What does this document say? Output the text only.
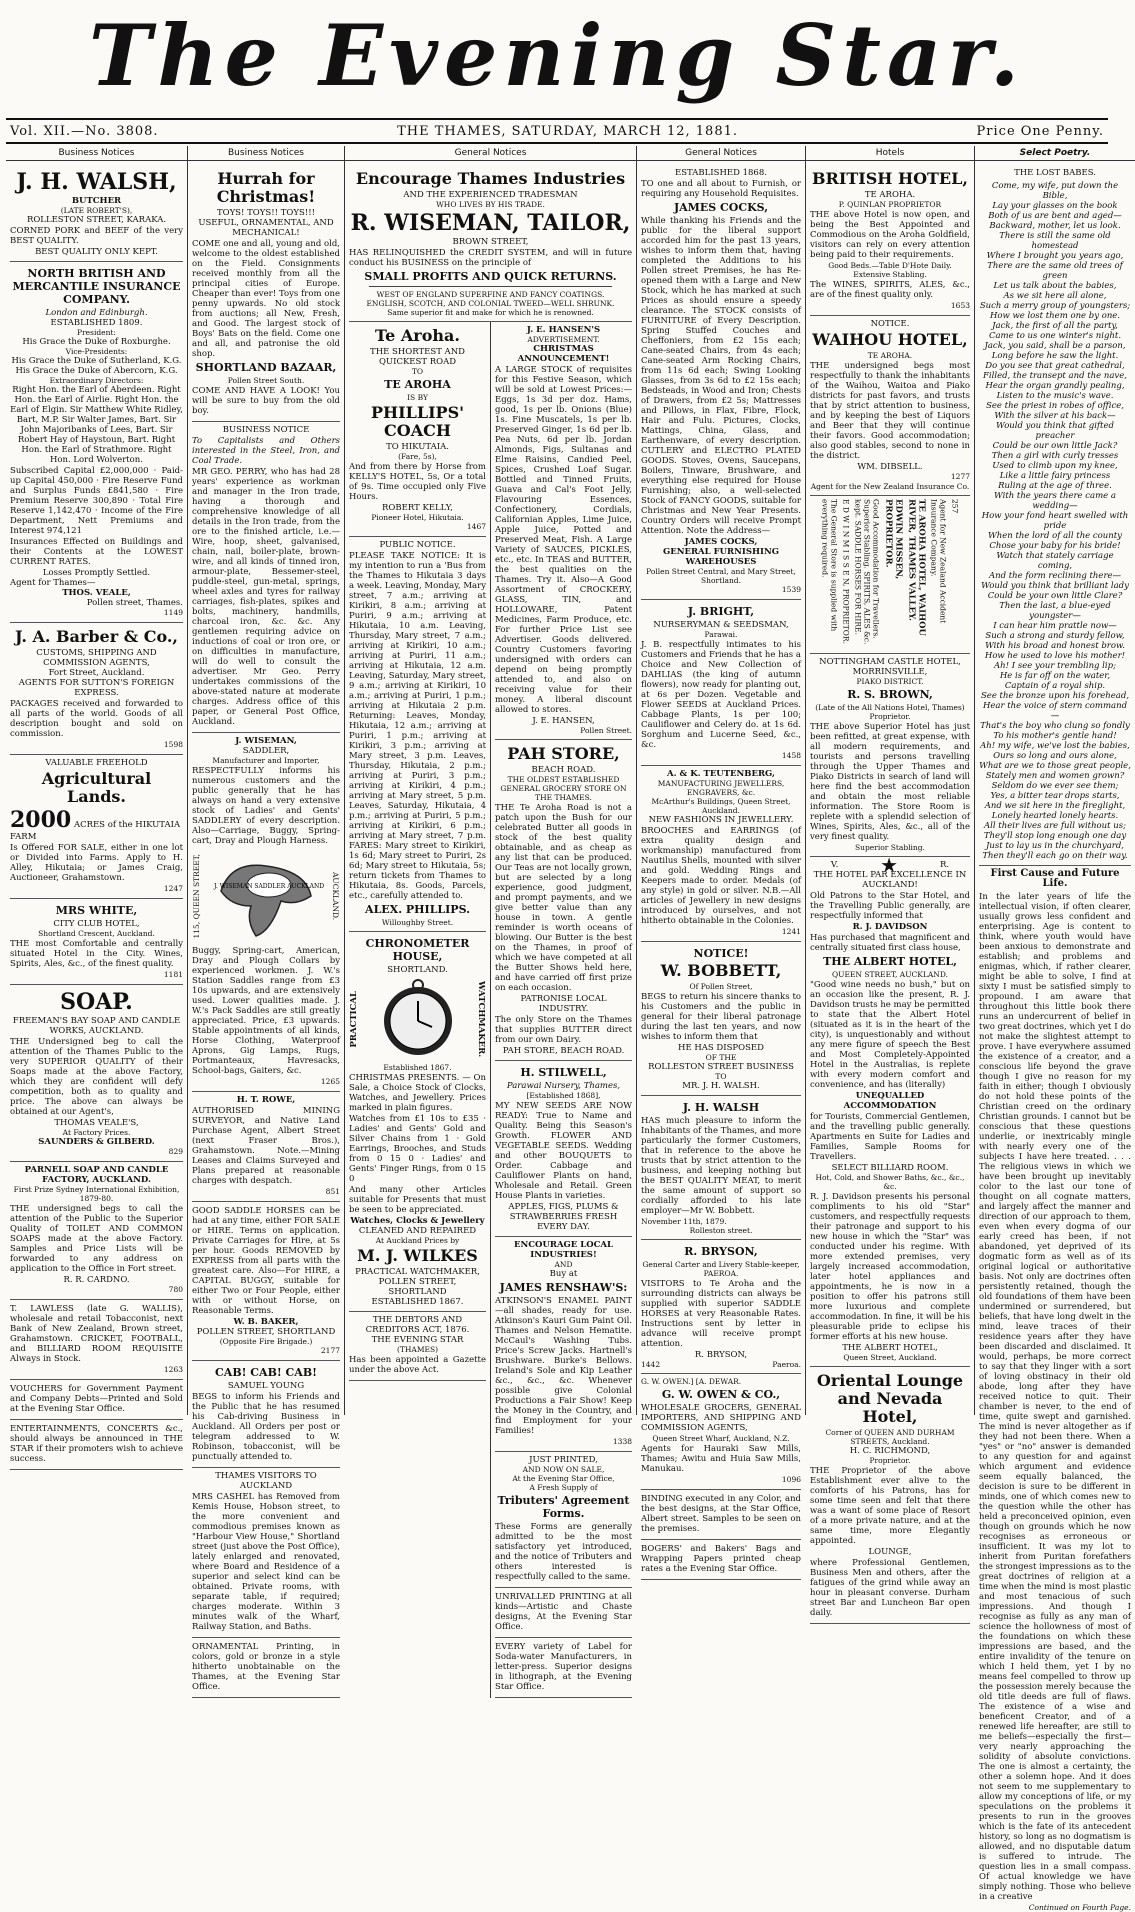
The Evening Star.
Vol. XII.—No. 3808.	THE THAMES, SATURDAY, MARCH 12, 1881.	Price One Penny.
Business Notices
J. H. WALSH,
BUTCHER
(LATE ROBERT'S),
ROLLESTON STREET, KARAKA.

CORNED PORK and BEEF of the very BEST QUALITY.

BEST QUALITY ONLY KEPT.
NORTH BRITISH AND MERCANTILE INSURANCE COMPANY.
London and Edinburgh.
ESTABLISHED 1809.
President:
His Grace the Duke of Roxburghe.
Vice-Presidents:
His Grace the Duke of Sutherland, K.G. His Grace the Duke of Abercorn, K.G.
Extraordinary Directors:
Right Hon. the Earl of Aberdeen. Right Hon. the Earl of Airlie. Right Hon. the Earl of Elgin. Sir Matthew White Ridley, Bart, M.P. Sir Walter James, Bart. Sir John Majoribanks of Lees, Bart. Sir Robert Hay of Haystoun, Bart. Right Hon. the Earl of Strathmore. Right Hon. Lord Wolverton.

Subscribed Capital £2,000,000 · Paid-up Capital 450,000 · Fire Reserve Fund and Surplus Funds £841,580 · Fire Premium Reserve 300,890 · Total Fire Reserve 1,142,470 · Income of the Fire Department, Nett Premiums and Interest 974,121

Insurances Effected on Buildings and their Contents at the LOWEST CURRENT RATES.

Losses Promptly Settled.
Agent for Thames—
THOS. VEALE,
Pollen street, Thames.
1149
J. A. Barber & Co.,
CUSTOMS, SHIPPING AND COMMISSION AGENTS,
Fort Street, Auckland.
AGENTS FOR SUTTON'S FOREIGN EXPRESS.

PACKAGES received and forwarded to all parts of the world. Goods of all description bought and sold on commission.

1598
VALUABLE FREEHOLD
Agricultural Lands.
2000 ACRES of the HIKUTAIA FARM

Is Offered FOR SALE, either in one lot or Divided into Farms. Apply to H. Alley, Hikutaia; or James Craig, Auctioneer, Grahamstown.

1247
MRS WHITE,
CITY CLUB HOTEL,
Shortland Crescent, Auckland.

THE most Comfortable and centrally situated Hotel in the City. Wines, Spirits, Ales, &c., of the finest quality.

1181
SOAP.
FREEMAN'S BAY SOAP AND CANDLE WORKS, AUCKLAND.

THE Undersigned beg to call the attention of the Thames Public to the very SUPERIOR QUALITY of their Soaps made at the above Factory, which they are confident will defy competition, both as to quality and price. The above can always be obtained at our Agent's,

THOMAS VEALE'S,
At Factory Prices.
SAUNDERS & GILBERD.
829
PARNELL SOAP AND CANDLE FACTORY, AUCKLAND.
First Prize Sydney International Exhibition, 1879-80.

THE undersigned begs to call the attention of the Public to the Superior Quality of TOILET AND COMMON SOAPS made at the above Factory. Samples and Price Lists will be forwarded to any address on application to the Office in Fort street.

R. R. CARDNO.
780

T. LAWLESS (late G. WALLIS), wholesale and retail Tobacconist, next Bank of New Zealand, Brown street, Grahamstown. CRICKET, FOOTBALL, and BILLIARD ROOM REQUISITE Always in Stock.

1263

VOUCHERS for Government Payment and Company Debts—Printed and Sold at the Evening Star Office.

ENTERTAINMENTS, CONCERTS &c., should always be announced in THE STAR if their promoters wish to achieve success.

Business Notices
Hurrah for Christmas!
TOYS! TOYS!! TOYS!!!
USEFUL, ORNAMENTAL, AND MECHANICAL!

COME one and all, young and old, welcome to the oldest established on the Field. Consignments received monthly from all the principal cities of Europe. Cheaper than ever! Toys from one penny upwards. No old stock from auctions; all New, Fresh, and Good. The largest stock of Boys' Bats on the field. Come one and all, and patronise the old shop.

SHORTLAND BAZAAR,
Pollen Street South.

COME AND HAVE A LOOK! You will be sure to buy from the old boy.

BUSINESS NOTICE

To Capitalists and Others interested in the Steel, Iron, and Coal Trade.

MR GEO. PERRY, who has had 28 years' experience as workman and manager in the Iron trade, having a thorough and comprehensive knowledge of all details in the Iron trade, from the ore to the finished article, i.e.—Wire, hoop, sheet, galvanised, chain, nail, boiler-plate, brown-wire, and all kinds of tinned iron, armour-plate, Bessemer-steel, puddle-steel, gun-metal, springs, wheel axles and tyres for railway carriages, fish-plates, spikes and bolts, machinery, handmills, charcoal iron, &c. &c. Any gentlemen requiring advice on inductions of coal or iron ore, or on difficulties in manufacture, will do well to consult the advertiser. Mr Geo. Perry undertakes commissions of the above-stated nature at moderate charges. Address office of this paper, or General Post Office, Auckland.

J. WISEMAN,
SADDLER,
Manufacturer and Importer,

RESPECTFULLY informs his numerous customers and the public generally that he has always on hand a very extensive stock of Ladies' and Gents' SADDLERY of every description. Also—Carriage, Buggy, Spring-cart, Dray and Plough Harness.

115, QUEEN STREET, J. WISEMAN SADDLER AUCKLAND AUCKLAND.

Buggy, Spring-cart, American, Dray and Plough Collars by experienced workmen. J. W.'s Station Saddles range from £3 10s upwards, and are extensively used. Lower qualities made. J. W.'s Pack Saddles are still greatly appreciated. Price, £3 upwards. Stable appointments of all kinds, Horse Clothing, Waterproof Aprons, Gig Lamps, Rugs, Portmanteaux, Havresacks, School-bags, Gaiters, &c.

1265
H. T. ROWE,

AUTHORISED MINING SURVEYOR, and Native Land Purchase Agent, Albert Street (next Fraser Bros.), Grahamstown. Note.—Mining Leases and Claims Surveyed and Plans prepared at reasonable charges with despatch.

851

GOOD SADDLE HORSES can be had at any time, either FOR SALE or HIRE. Terms on application. Private Carriages for Hire, at 5s per hour. Goods REMOVED by EXPRESS from all parts with the greatest care. Also—For HIRE, a CAPITAL BUGGY, suitable for either Two or Four People, either with or without Horse, on Reasonable Terms.

W. B. BAKER,
POLLEN STREET, SHORTLAND
(Opposite Fire Brigade.)
2177
CAB! CAB! CAB!
SAMUEL YOUNG

BEGS to inform his Friends and the Public that he has resumed his Cab-driving Business in Auckland. All Orders per post or telegram addressed to W. Robinson, tobacconist, will be punctually attended to.

THAMES VISITORS TO AUCKLAND

MRS CASHEL has Removed from Kemis House, Hobson street, to the more convenient and commodious premises known as "Harbour View House," Shortland street (just above the Post Office), lately enlarged and renovated, where Board and Residence of a superior and select kind can be obtained. Private rooms, with separate table, if required; charges moderate. Within 3 minutes walk of the Wharf, Railway Station, and Baths.

ORNAMENTAL Printing, in colors, gold or bronze in a style hitherto unobtainable on the Thames, at the Evening Star Office.

General Notices
Encourage Thames Industries
AND THE EXPERIENCED TRADESMAN
WHO LIVES BY HIS TRADE.
R. WISEMAN, TAILOR,
BROWN STREET,

HAS RELINQUISHED the CREDIT SYSTEM, and will in future conduct his BUSINESS on the principle of

SMALL PROFITS AND QUICK RETURNS.
WEST OF ENGLAND SUPERFINE AND FANCY COATINGS.
ENGLISH, SCOTCH, AND COLONIAL TWEED—WELL SHRUNK.
Same superior fit and make for which he is renowned.
Te Aroha.
THE SHORTEST AND
QUICKEST ROAD
TO
TE AROHA
IS BY
PHILLIPS' COACH
TO HIKUTAIA.
(Fare, 5s),

And from there by Horse from KELLY'S HOTEL, 5s, Or a total of 9s. Time occupied only Five Hours.

ROBERT KELLY,
Pioneer Hotel, Hikutaia.
1467
PUBLIC NOTICE.

PLEASE TAKE NOTICE: It is my intention to run a 'Bus from the Thames to Hikutaia 3 days a week. Leaving, Monday, Mary street, 7 a.m.; arriving at Kirikiri, 8 a.m.; arriving at Puriri, 9 a.m.; arriving at Hikutaia, 10 a.m. Leaving, Thursday, Mary street, 7 a.m.; arriving at Kirikiri, 10 a.m.; arriving at Puriri, 11 a.m.; arriving at Hikutaia, 12 a.m. Leaving, Saturday, Mary street, 9 a.m.; arriving at Kirikiri, 10 a.m.; arriving at Puriri, 1 p.m.; arriving at Hikutaia 2 p.m. Returning: Leaves, Monday, Hikutaia, 12 a.m.; arriving at Puriri, 1 p.m.; arriving at Kirikiri, 3 p.m.; arriving at Mary street, 3 p.m. Leaves, Thursday, Hikutaia, 2 p.m.; arriving at Puriri, 3 p.m.; arriving at Kirikiri, 4 p.m.; arriving at Mary street, 5 p.m. Leaves, Saturday, Hikutaia, 4 p.m.; arriving at Puriri, 5 p.m.; arriving at Kirikiri, 6 p.m.; arriving at Mary street, 7 p.m. FARES: Mary street to Kirikiri, 1s 6d; Mary street to Puriri, 2s 6d; Mary street to Hikutaia, 5s; return tickets from Thames to Hikutaia, 8s. Goods, Parcels, etc., carefully attended to.

ALEX. PHILLIPS.
Willoughby Street.
CHRONOMETER HOUSE,
SHORTLAND.
PRACTICAL	WATCHMAKER.
Established 1867.

CHRISTMAS PRESENTS. — On Sale, a Choice Stock of Clocks, Watches, and Jewellery. Prices marked in plain figures.

Watches from £1 10s to £35 · Ladies' and Gents' Gold and Silver Chains from 1 · Gold Earrings, Brooches, and Studs from 0 15 0 · Ladies' and Gents' Finger Rings, from 0 15 0

And many other Articles suitable for Presents that must be seen to be appreciated.

Watches, Clocks & Jewellery
CLEANED AND REPAIRED
At Auckland Prices by
M. J. WILKES
PRACTICAL WATCHMAKER,
POLLEN STREET, SHORTLAND
ESTABLISHED 1867.
THE DEBTORS AND CREDITORS ACT, 1876.
THE EVENING STAR
(THAMES)

Has been appointed a Gazette under the above Act.

J. E. HANSEN'S
ADVERTISEMENT.
CHRISTMAS ANNOUNCEMENT!

A LARGE STOCK of requisites for this Festive Season, which will be sold at Lowest Prices:— Eggs, 1s 3d per doz. Hams, good, 1s per lb. Onions (Blue) 1s. Fine Muscatels, 1s per lb. Preserved Ginger, 1s 6d per lb. Pea Nuts, 6d per lb. Jordan Almonds, Figs, Sultanas and Elme Raisins, Candied Peel, Spices, Crushed Loaf Sugar. Bottled and Tinned Fruits, Guava and Cal's Foot Jelly, Flavouring Essences, Confectionery, Cordials, Californian Apples, Lime Juice, Apple Juice, Potted and Preserved Meat, Fish. A Large Variety of SAUCES, PICKLES, etc., etc. In TEAS and BUTTER, the best qualities on the Thames. Try it. Also—A Good Assortment of CROCKERY, GLASS, TIN, and HOLLOWARE, Patent Medicines, Farm Produce, etc. For further Price List see Advertiser. Goods delivered. Country Customers favoring undersigned with orders can depend on being promptly attended to, and also on receiving value for their money. A liberal discount allowed to stores.

J. E. HANSEN,
Pollen Street.
PAH STORE,
BEACH ROAD.
THE OLDEST ESTABLISHED GENERAL GROCERY STORE ON THE THAMES.

THE Te Aroha Road is not a patch upon the Bush for our celebrated Butter all goods in stock of the best quality obtainable, and as cheap as any list that can be produced. Our Teas are not locally grown, but are selected by a long experience, good judgment, and prompt payments, and we give better value than any house in town. A gentle reminder is worth oceans of blowing. Our Butter is the best on the Thames, in proof of which we have competed at all the Butter Shows held here, and have carried off first prize on each occasion.

PATRONISE LOCAL INDUSTRY.

The only Store on the Thames that supplies BUTTER direct from our own Dairy.

PAH STORE, BEACH ROAD.
H. STILWELL,
Parawai Nursery, Thames,
[Established 1868],

MY NEW SEEDS ARE NOW READY: True to Name and Quality. Being this Season's Growth. FLOWER AND VEGETABLE SEEDS. Wedding and other BOUQUETS to Order. Cabbage and Cauliflower Plants on hand, Wholesale and Retail. Green House Plants in varieties.

APPLES, FIGS, PLUMS & STRAWBERRIES FRESH EVERY DAY.
ENCOURAGE LOCAL INDUSTRIES!
AND
Buy at
JAMES RENSHAW'S:

ATKINSON'S ENAMEL PAINT—all shades, ready for use. Atkinson's Kauri Gum Paint Oil. Thames and Nelson Hematite. McCaul's Washing Tubs. Price's Screw Jacks. Hartnell's Brushware. Burke's Bellows. Ireland's Sole and Kip Leather &c., &c., &c. Whenever possible give Colonial Productions a Fair Show! Keep the Money in the Country, and find Employment for your Families!

1338
JUST PRINTED,
AND NOW ON SALE,
At the Evening Star Office,
A Fresh Supply of
Tributers' Agreement Forms.

These Forms are generally admitted to be the most satisfactory yet introduced, and the notice of Tributers and others interested is respectfully called to the same.

UNRIVALLED PRINTING at all kinds—Artistic and Chaste designs, At the Evening Star Office.

EVERY variety of Label for Soda-water Manufacturers, in letter-press. Superior designs in lithograph, at the Evening Star Office.

General Notices
ESTABLISHED 1868.

TO one and all about to Furnish, or requiring any Household Requisites.

JAMES COCKS,

While thanking his Friends and the public for the liberal support accorded him for the past 13 years, wishes to inform them that, having completed the Additions to his Pollen street Premises, he has Re-opened them with a Large and New Stock, which he has marked at such Prices as should ensure a speedy clearance. The STOCK consists of FURNITURE of Every Description. Spring Stuffed Couches and Cheffoniers, from £2 15s each; Cane-seated Chairs, from 4s each; Cane-seated Arm Rocking Chairs, from 11s 6d each; Swing Looking Glasses, from 3s 6d to £2 15s each; Bedsteads, in Wood and Iron; Chests of Drawers, from £2 5s; Mattresses and Pillows, in Flax, Fibre, Flock, Hair and Fulu. Pictures, Clocks, Mattings, China, Glass, and Earthenware, of every description. CUTLERY and ELECTRO PLATED GOODS. Stoves, Ovens, Saucepans, Boilers, Tinware, Brushware, and everything else required for House Furnishing; also, a well-selected Stock of FANCY GOODS, suitable for Christmas and New Year Presents. Country Orders will receive Prompt Attention. Note the Address—

JAMES COCKS,
GENERAL FURNISHING WAREHOUSES
Pollen Street Central, and Mary Street, Shortland.
1539
J. BRIGHT,
NURSERYMAN & SEEDSMAN,
Parawai.

J. B. respectfully intimates to his Customers and Friends that he has a Choice and New Collection of DAHLIAS (the king of autumn flowers), now ready for planting out, at 6s per Dozen. Vegetable and Flower SEEDS at Auckland Prices. Cabbage Plants, 1s per 100; Cauliflower and Celery do. at 1s 6d. Sorghum and Lucerne Seed, &c., &c.

1458
A. & K. TEUTENBERG,
MANUFACTURING JEWELLERS, ENGRAVERS, &c.
McArthur's Buildings, Queen Street, Auckland.
NEW FASHIONS IN JEWELLERY.

BROOCHES and EARRINGS (of extra quality design and workmanship) manufactured from Nautilus Shells, mounted with silver and gold. Wedding Rings and Keepers made to order. Medals (of any style) in gold or silver. N.B.—All articles of Jewellery in new designs introduced by ourselves, and not hitherto obtainable in the Colonies.

1241
NOTICE!
W. BOBBETT,
Of Pollen Street,

BEGS to return his sincere thanks to his Customers and the public in general for their liberal patronage during the last ten years, and now wishes to inform them that

HE HAS DISPOSED
OF THE
ROLLESTON STREET BUSINESS
TO
MR. J. H. WALSH.
J. H. WALSH

HAS much pleasure to inform the Inhabitants of the Thames, and more particularly the former Customers, that in reference to the above he trusts that by strict attention to the business, and keeping nothing but the BEST QUALITY MEAT, to merit the same amount of support so cordially afforded to his late employer—Mr W. Bobbett.

November 11th, 1879.
Rolleston street.
R. BRYSON,
General Carter and Livery Stable-keeper, PAEROA.

VISITORS to Te Aroha and the surrounding districts can always be supplied with superior SADDLE HORSES at very Reasonable Rates. Instructions sent by letter in advance will receive prompt attention.

R. BRYSON,
1442	Paeroa.
G. W. OWEN.] [A. DEWAR.
G. W. OWEN & CO.,

WHOLESALE GROCERS, GENERAL IMPORTERS, AND SHIPPING AND COMMISSION AGENTS,

Queen Street Wharf, Auckland, N.Z.

Agents for Hauraki Saw Mills, Thames; Awitu and Huia Saw Mills, Manukau.

1096

BINDING executed in any Color, and the best designs, at the Star Office, Albert street. Samples to be seen on the premises.

BOGERS' and Bakers' Bags and Wrapping Papers printed cheap rates a the Evening Star Office.

Hotels
BRITISH HOTEL,
TE AROHA.
P. QUINLAN PROPRIETOR

THE above Hotel is now open, and being the Best Appointed and Commodious on the Aroha Goldfield, visitors can rely on every attention being paid to their requirements.

Good Beds.—Table D'Hote Daily.
Extensive Stabling.

The WINES, SPIRITS, ALES, &c., are of the finest quality only.

1653
NOTICE.
WAIHOU HOTEL,
TE AROHA.

THE undersigned begs most respectfully to thank the inhabitants of the Waihou, Waitoa and Piako districts for past favors, and trusts that by strict attention to business, and by keeping the best of Liquors and Beer that they will continue their favors. Good accommodation; also good stables, second to none in the district.

WM. DIBSELL.
1277
Agent for the New Zealand Insurance Co.
The General Store is supplied with everything required.	E D W I N M I S S E N, PROPRIETOR.	Good Accommodation for Travellers. Superior Stabling. SPIRITS, ALES &c. kept. SADDLE HORSES FOR HIRE.	EDWIN MISSEN, PROPRIETOR.	TE AROHA HOTEL, WAIHOU RIVER, THAMES VALLEY.	Agent for New Zealand Accident Insurance Company.	257
NOTTINGHAM CASTLE HOTEL,
MORRINSVILLE,
PIAKO DISTRICT.
R. S. BROWN,
(Late of the All Nations Hotel, Thames)
Proprietor.

THE above Superior Hotel has just been refitted, at great expense, with all modern requirements, and tourists and persons travelling through the Upper Thames and Piako Districts in search of land will here find the best accommodation and obtain the most reliable information. The Store Room is replete with a splendid selection of Wines, Spirits, Ales, &c., all of the very finest quality.

Superior Stabling.
V. ★	R.
THE HOTEL PAR EXCELLENCE IN AUCKLAND!

Old Patrons to the Star Hotel, and the Travelling Public generally, are respectfully informed that

R. J. DAVIDSON

Has purchased that magnificent and centrally situated first class house,

THE ALBERT HOTEL,
QUEEN STREET, AUCKLAND.

"Good wine needs no bush," but on an occasion like the present, R. J. Davidson trusts he may be permitted to state that the Albert Hotel (situated as it is in the heart of the city), is unquestionably and without any mere figure of speech the Best and Most Completely-Appointed Hotel in the Australias, is replete with every modern comfort and convenience, and has (literally)

UNEQUALLED ACCOMMODATION

for Tourists, Commercial Gentlemen, and the travelling public generally. Apartments en Suite for Ladies and Families, Sample Rooms for Travellers.

SELECT BILLIARD ROOM.
Hot, Cold, and Shower Baths, &c., &c., &c.

R. J. Davidson presents his personal compliments to his old "Star" customers, and respectfully requests their patronage and support to his new house in which the "Star" was conducted under his regime. With more extended premises, very largely increased accommodation, later hotel appliances and appointments, he is now in a position to offer his patrons still more luxurious and complete accommodation. In fine, it will be his pleasurable pride to eclipse his former efforts at his new house.

THE ALBERT HOTEL,
Queen Street, Auckland.
Oriental Lounge and Nevada Hotel,
Corner of QUEEN AND DURHAM STREETS, Auckland.
H. C. RICHMOND,
Proprietor.

THE Proprietor of the above Establishment ever alive to the comforts of his Patrons, has for some time seen and felt that there was a want of some place of Resort of a more private nature, and at the same time, more Elegantly appointed.

LOUNGE,

where Professional Gentlemen, Business Men and others, after the fatigues of the grind while away an hour in pleasant converse. Durham street Bar and Luncheon Bar open daily.

Select Poetry.
THE LOST BABES.

Come, my wife, put down the Bible,

Lay your glasses on the book

Both of us are bent and aged—

Backward, mother, let us look.

There is still the same old homestead

Where I brought you years ago,

There are the same old trees of green

Let us talk about the babies,

As we sit here all alone,

Such a merry group of youngsters;

How we lost them one by one.

Jack, the first of all the party,

Came to us one winter's night.

Jack, you said, shall be a parson,

Long before he saw the light.

Do you see that great cathedral,

Filled, the transept and the nave,

Hear the organ grandly pealing,

Listen to the music's wave.

See the priest in robes of office,

With the silver at his back—

Would you think that gifted preacher

Could be our own little Jack?

Then a girl with curly tresses

Used to climb upon my knee,

Like a little fairy princess

Ruling at the age of three.

With the years there came a wedding—

How your fond heart swelled with pride

When the lord of all the county

Chose your baby for his bride!

Watch that stately carriage coming,

And the form reclining there—

Would you think that brilliant lady

Could be your own little Clare?

Then the last, a blue-eyed youngster—

I can hear him prattle now—

Such a strong and sturdy fellow,

With his broad and honest brow.

How he used to love his mother!

Ah! I see your trembling lip;

He is far off on the water,

Captain of a royal ship.

See the bronze upon his forehead,

Hear the voice of stern command—

That's the boy who clung so fondly

To his mother's gentle hand!

Ah! my wife, we've lost the babies,

Ours so long and ours alone,

What are we to those great people,

Stately men and women grown?

Seldom do we ever see them;

Yes, a bitter tear drops starts,

And we sit here in the fireglight,

Lonely hearted lonely hearts.

All their lives are full without us;

They'll stop long enough one day

Just to lay us in the churchyard,

Then they'll each go on their way.

First Cause and Future Life.

In the later years of life the intellectual vision, if often clearer, usually grows less confident and enterprising. Age is content to think, where youth would have been anxious to demonstrate and establish; and problems and enigmas, which, if rather clearer, might be able to solve, I find at sixty I must be satisfied simply to propound. I am aware that throughout this little book there runs an undercurrent of belief in two great doctrines, which yet I do not make the slightest attempt to prove. I have everywhere assumed the existence of a creator, and a conscious life beyond the grave though I give no reason for my faith in either; though I obviously do not hold these points of the Christian creed on the ordinary Christian grounds. I cannot but be conscious that these questions underlie, or inextricably mingle with nearly every one of the subjects I have here treated. . . . The religious views in which we have been brought up inevitably color to the last our tone of thought on all cognate matters, and largely affect the manner and direction of our approach to them, even when every dogma of our early creed has been, if not abandoned, yet deprived of its dogmatic form as well as of its original logical or authoritative basis. Not only are doctrines often persistently retained, though the old foundations of them have been undermined or surrendered, but beliefs, that have long dwelt in the mind, leave traces of their residence years after they have been discarded and disclaimed. It would, perhaps, be more correct to say that they linger with a sort of loving obstinacy in their old abode, long after they have received notice to quit. Their chamber is never, to the end of time, quite swept and garnished. The mind is never altogether as if they had not been there. When a "yes" or "no" answer is demanded to any question for and against which argument and evidence seem equally balanced, the decision is sure to be different in minds, one of which comes new to the question while the other has held a preconceived opinion, even though on grounds which he now recognises as erroneous or insufficient. It was my lot to inherit from Puritan forefathers the strongest impressions as to the great doctrines of religion at a time when the mind is most plastic and most tenacious of such impressions. And though I recognise as fully as any man of science the hollowness of most of the foundations on which these impressions are based, and the entire invalidity of the tenure on which I held them, yet I by no means feel compelled to throw up the possession merely because the old title deeds are full of flaws. The existence of a wise and beneficent Creator, and of a renewed life hereafter, are still to me beliefs—especially the first—very nearly approaching the solidity of absolute convictions. The one is almost a certainty, the other a solemn hope. And it does not seem to me supplementary to allow my conceptions of life, or my speculations on the problems it presents to run in the grooves which is the fate of its antecedent history, so long as no dogmatism is allowed, and no disputable datum is suffered to intrude. The question lies in a small compass. Of actual knowledge we have simply nothing. Those who believe in a creative

Continued on Fourth Page.
